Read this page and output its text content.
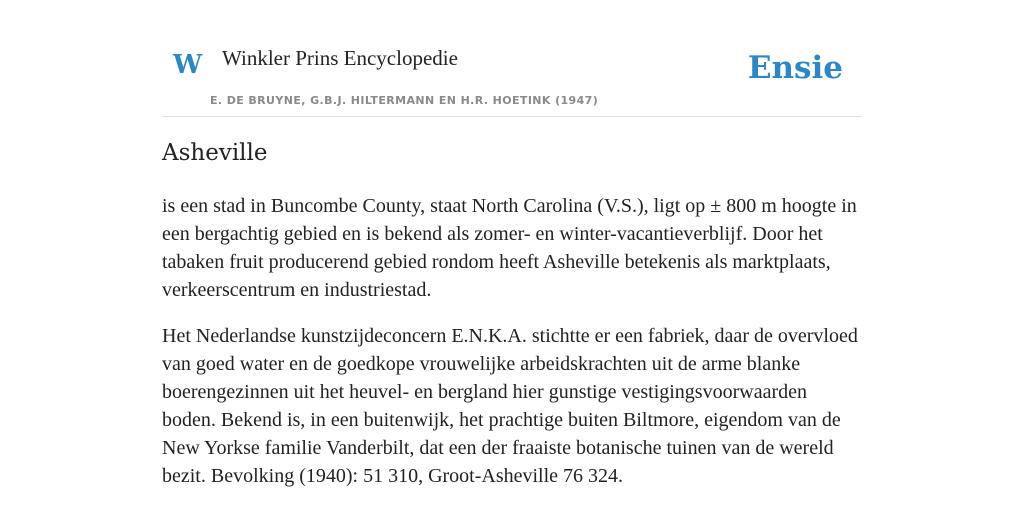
W Winkler Prins Encyclopedie
E. DE BRUYNE, G.B.J. HILTERMANN EN H.R. HOETINK (1947)
Ensie
Asheville

is een stad in Buncombe County, staat North Carolina (V.S.), ligt op ± 800 m hoogte in een bergachtig gebied en is bekend als zomer- en winter-vacantieverblijf. Door het tabaken fruit producerend gebied rondom heeft Asheville betekenis als marktplaats, verkeerscentrum en industriestad.

Het Nederlandse kunstzijdeconcern E.N.K.A. stichtte er een fabriek, daar de overvloed van goed water en de goedkope vrouwelijke arbeidskrachten uit de arme blanke boerengezinnen uit het heuvel- en bergland hier gunstige vestigingsvoorwaarden boden. Bekend is, in een buitenwijk, het prachtige buiten Biltmore, eigendom van de New Yorkse familie Vanderbilt, dat een der fraaiste botanische tuinen van de wereld bezit. Bevolking (1940): 51 310, Groot-Asheville 76 324.
